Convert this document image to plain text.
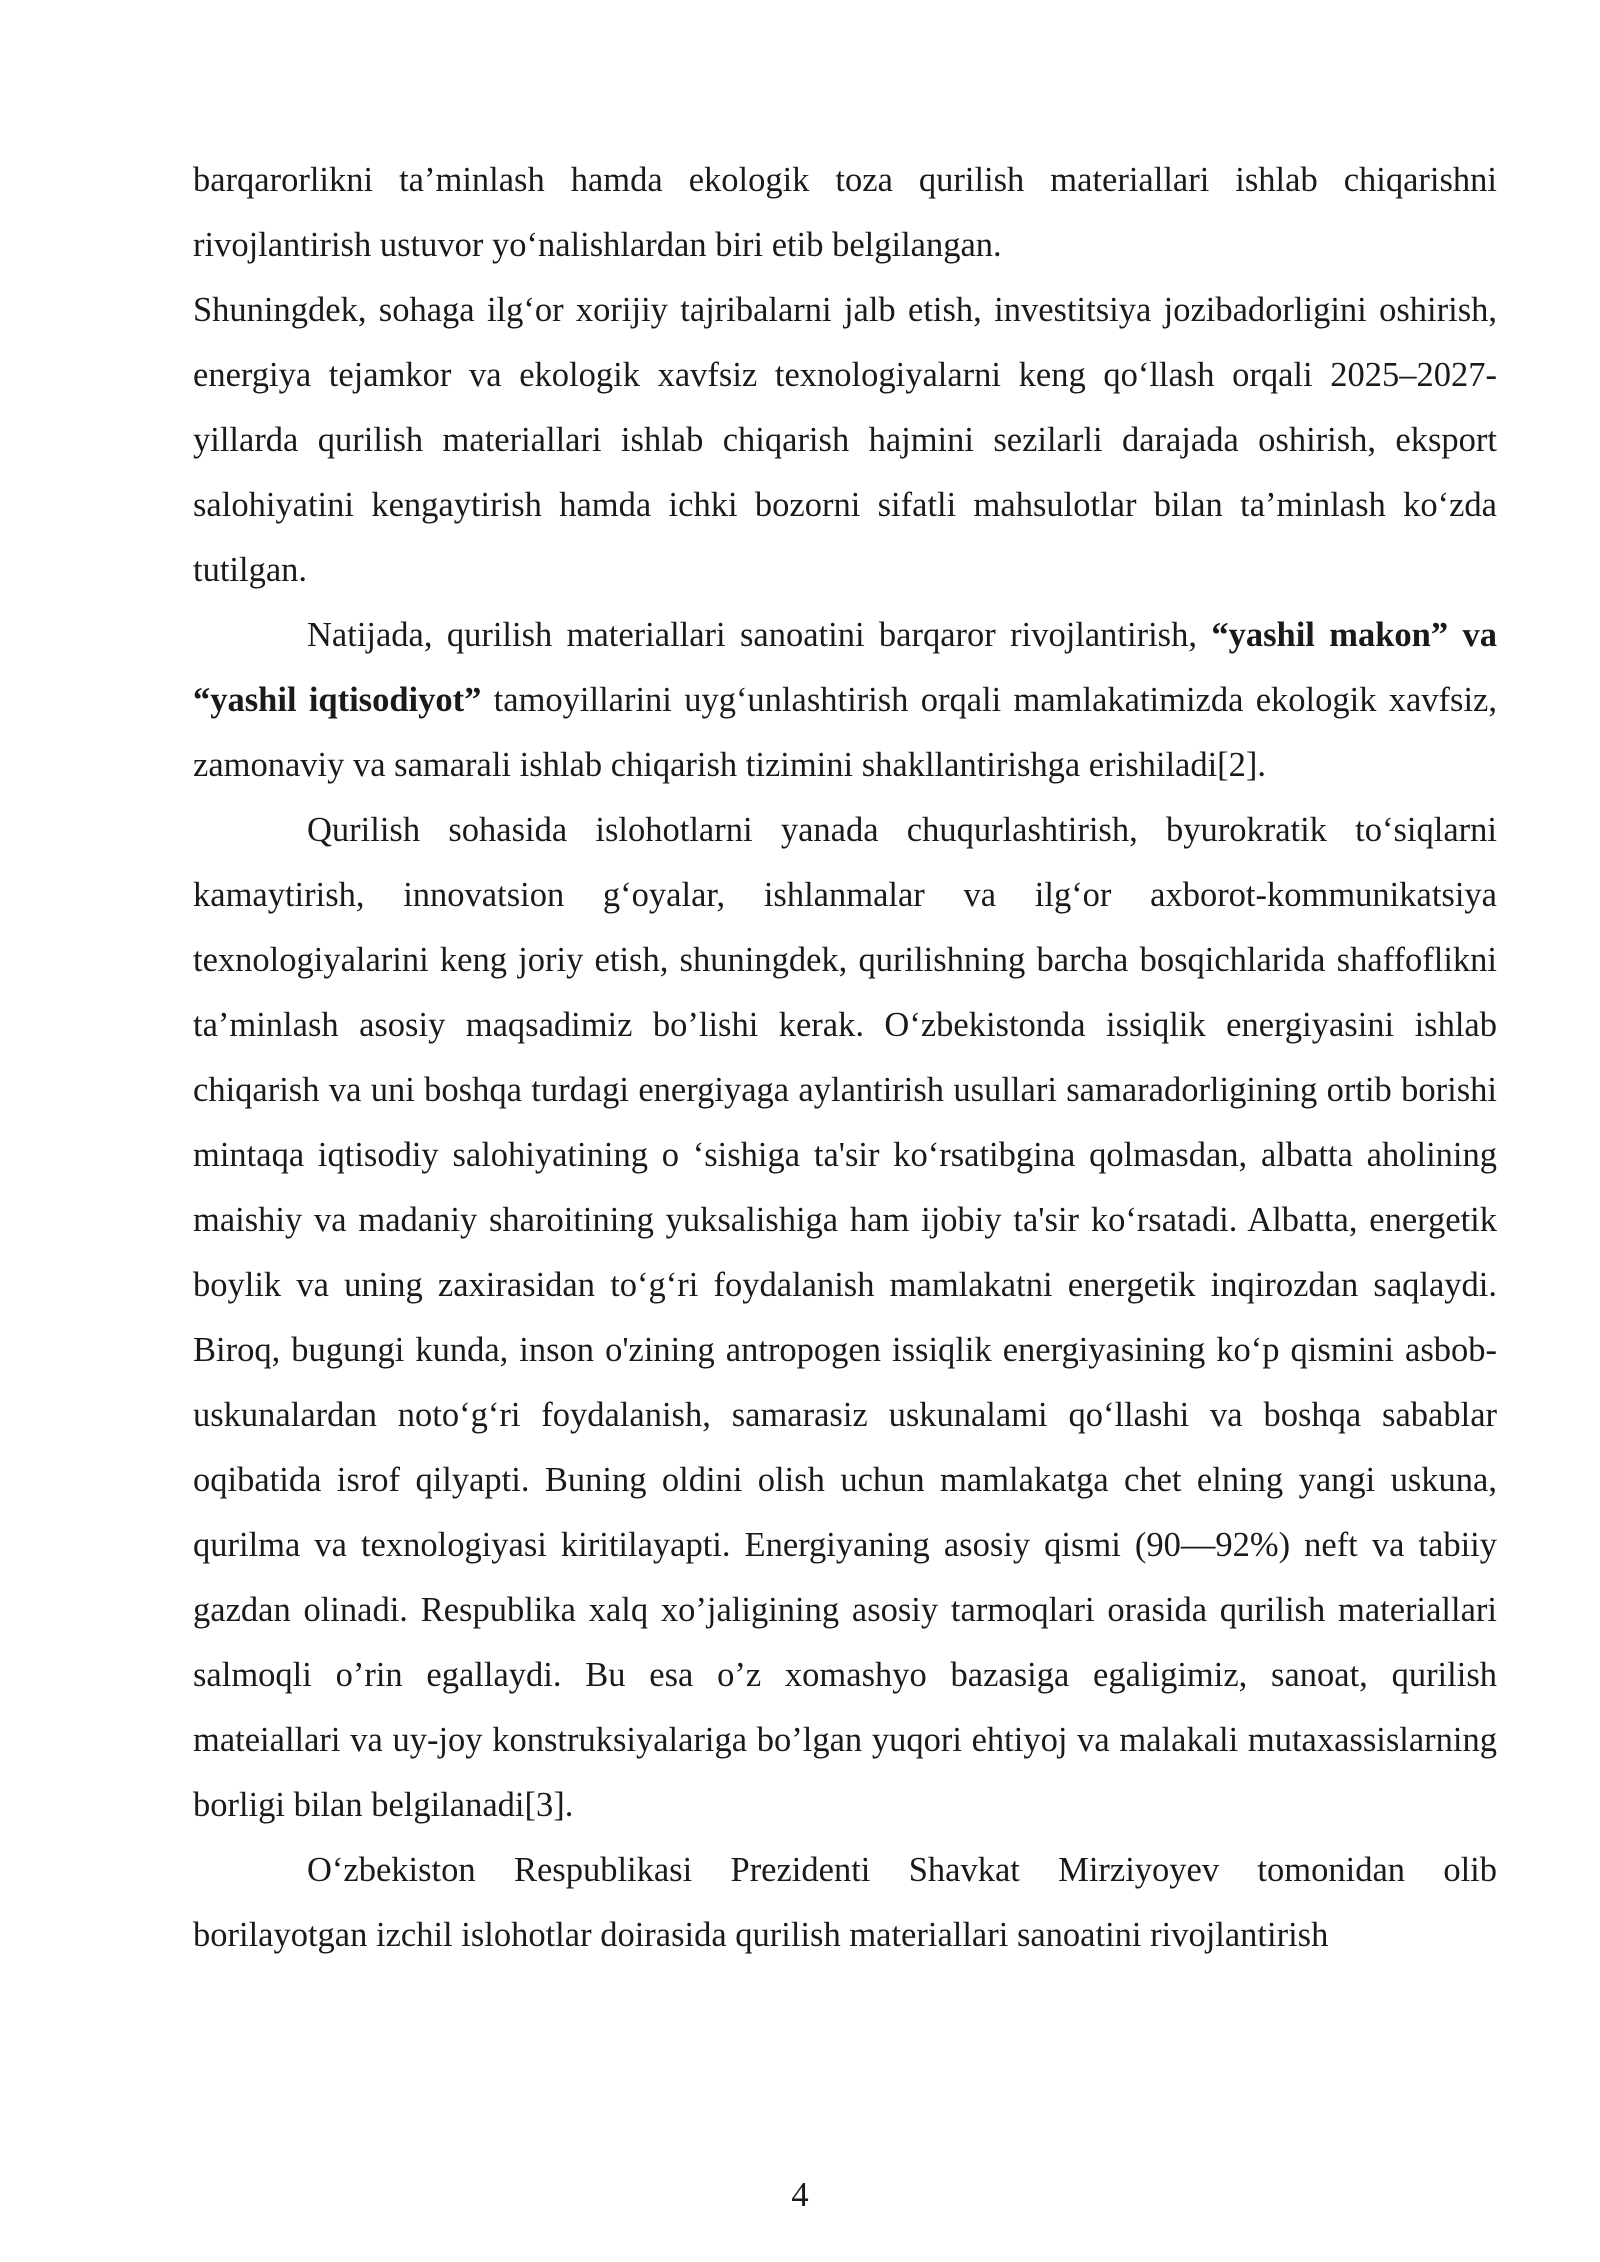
barqarorlikni ta’minlash hamda ekologik toza qurilish materiallari ishlab chiqarishni rivojlantirish ustuvor yo‘nalishlardan biri etib belgilangan.

Shuningdek, sohaga ilg‘or xorijiy tajribalarni jalb etish, investitsiya jozibadorligini oshirish, energiya tejamkor va ekologik xavfsiz texnologiyalarni keng qo‘llash orqali 2025–2027-yillarda qurilish materiallari ishlab chiqarish hajmini sezilarli darajada oshirish, eksport salohiyatini kengaytirish hamda ichki bozorni sifatli mahsulotlar bilan ta’minlash ko‘zda tutilgan.

Natijada, qurilish materiallari sanoatini barqaror rivojlantirish, “yashil makon” va “yashil iqtisodiyot” tamoyillarini uyg‘unlashtirish orqali mamlakatimizda ekologik xavfsiz, zamonaviy va samarali ishlab chiqarish tizimini shakllantirishga erishiladi[2].

Qurilish sohasida islohotlarni yanada chuqurlashtirish, byurokratik to‘siqlarni kamaytirish, innovatsion g‘oyalar, ishlanmalar va ilg‘or axborot-kommunikatsiya texnologiyalarini keng joriy etish, shuningdek, qurilishning barcha bosqichlarida shaffoflikni ta’minlash asosiy maqsadimiz bo’lishi kerak. O‘zbekistonda issiqlik energiyasini ishlab chiqarish va uni boshqa turdagi energiyaga aylantirish usullari samaradorligining ortib borishi mintaqa iqtisodiy salohiyatining o ‘sishiga ta'sir ko‘rsatibgina qolmasdan, albatta aholining maishiy va madaniy sharoitining yuksalishiga ham ijobiy ta'sir ko‘rsatadi. Albatta, energetik boylik va uning zaxirasidan to‘g‘ri foydalanish mamlakatni energetik inqirozdan saqlaydi. Biroq, bugungi kunda, inson o'zining antropogen issiqlik energiyasining ko‘p qismini asbob-uskunalardan noto‘g‘ri foydalanish, samarasiz uskunalami qo‘llashi va boshqa sabablar oqibatida isrof qilyapti. Buning oldini olish uchun mamlakatga chet elning yangi uskuna, qurilma va texnologiyasi kiritilayapti. Energiyaning asosiy qismi (90—92%) neft va tabiiy gazdan olinadi. Respublika xalq xo’jaligining asosiy tarmoqlari orasida qurilish materiallari salmoqli o’rin egallaydi. Bu esa o’z xomashyo bazasiga egaligimiz, sanoat, qurilish mateiallari va uy-joy konstruksiyalariga bo’lgan yuqori ehtiyoj va malakali mutaxassislarning borligi bilan belgilanadi[3].

O‘zbekiston Respublikasi Prezidenti Shavkat Mirziyoyev tomonidan olib borilayotgan izchil islohotlar doirasida qurilish materiallari sanoatini rivojlantirish

4
